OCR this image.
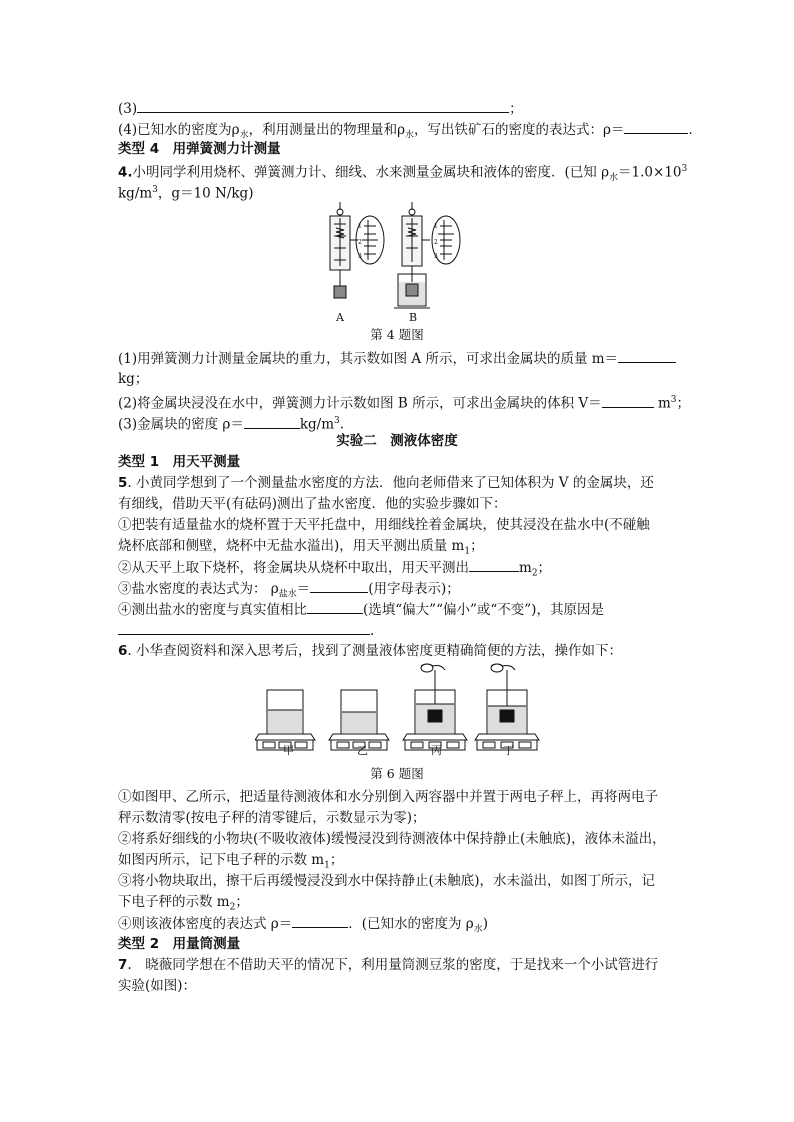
(3)	；
(4)已知水的密度为$\rho_水$，利用测量出的物理量和$\rho_水$，写出铁矿石的密度的表达式：ρ＝	．
类型 4　用弹簧测力计测量
4.小明同学利用烧杯、弹簧测力计、细线、水来测量金属块和液体的密度．(已知 $\rho_水=1.0\times 10^3$
$kg/m^3$，g＝10 N/kg)
1
2
3
1
2
3
A	B
第 4 题图
(1)用弹簧测力计测量金属块的重力，其示数如图 A 所示，可求出金属块的质量 m＝
kg；
(2)将金属块浸没在水中，弹簧测力计示数如图 B 所示，可求出金属块的体积 V＝	$m^3$；
(3)金属块的密度 ρ＝	$kg/m^3$.
实验二　测液体密度
类型 1　用天平测量
5. 小黄同学想到了一个测量盐水密度的方法．他向老师借来了已知体积为 V 的金属块，还
有细线，借助天平(有砝码)测出了盐水密度．他的实验步骤如下：
①把装有适量盐水的烧杯置于天平托盘中，用细线拴着金属块，使其浸没在盐水中(不碰触
烧杯底部和侧壁，烧杯中无盐水溢出)，用天平测出质量 $m_1$；
②从天平上取下烧杯，将金属块从烧杯中取出，用天平测出	$m_2$；
③盐水密度的表达式为： $\rho_{盐水}=$	(用字母表示)；
④测出盐水的密度与真实值相比	(选填“偏大”“偏小”或“不变”)，其原因是
.
6. 小华查阅资料和深入思考后，找到了测量液体密度更精确简便的方法，操作如下：
甲	乙	丙	丁
第 6 题图
①如图甲、乙所示，把适量待测液体和水分别倒入两容器中并置于两电子秤上，再将两电子
秤示数清零(按电子秤的清零键后，示数显示为零)；
②将系好细线的小物块(不吸收液体)缓慢浸没到待测液体中保持静止(未触底)，液体未溢出，
如图丙所示，记下电子秤的示数 $m_1$；
③将小物块取出，擦干后再缓慢浸没到水中保持静止(未触底)，水未溢出，如图丁所示，记
下电子秤的示数 $m_2$；
④则该液体密度的表达式 ρ＝	．(已知水的密度为 $\rho_水$)
类型 2　用量筒测量
7.　晓薇同学想在不借助天平的情况下，利用量筒测豆浆的密度，于是找来一个小试管进行
实验(如图)：
